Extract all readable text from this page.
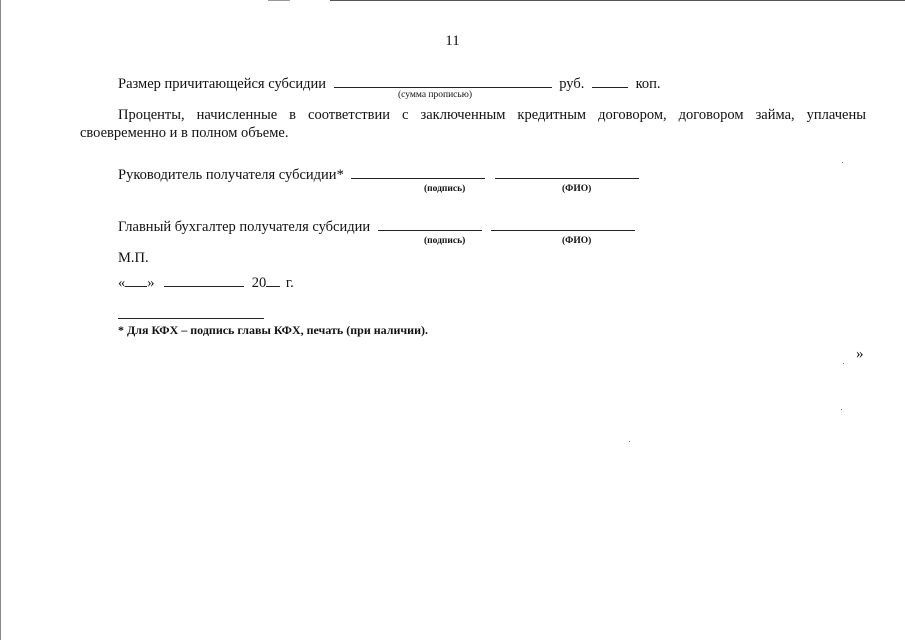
11
Размер причитающейся субсидии	руб.	коп.
(сумма прописью)
Проценты, начисленные в соответствии с заключенным кредитным договором, договором займа, уплачены
своевременно и в полном объеме.
Руководитель получателя субсидии*
(подпись)	(ФИО)
Главный бухгалтер получателя субсидии
(подпись)	(ФИО)
М.П.
« »	20 г.
* Для КФХ – подпись главы КФХ, печать (при наличии).
»
